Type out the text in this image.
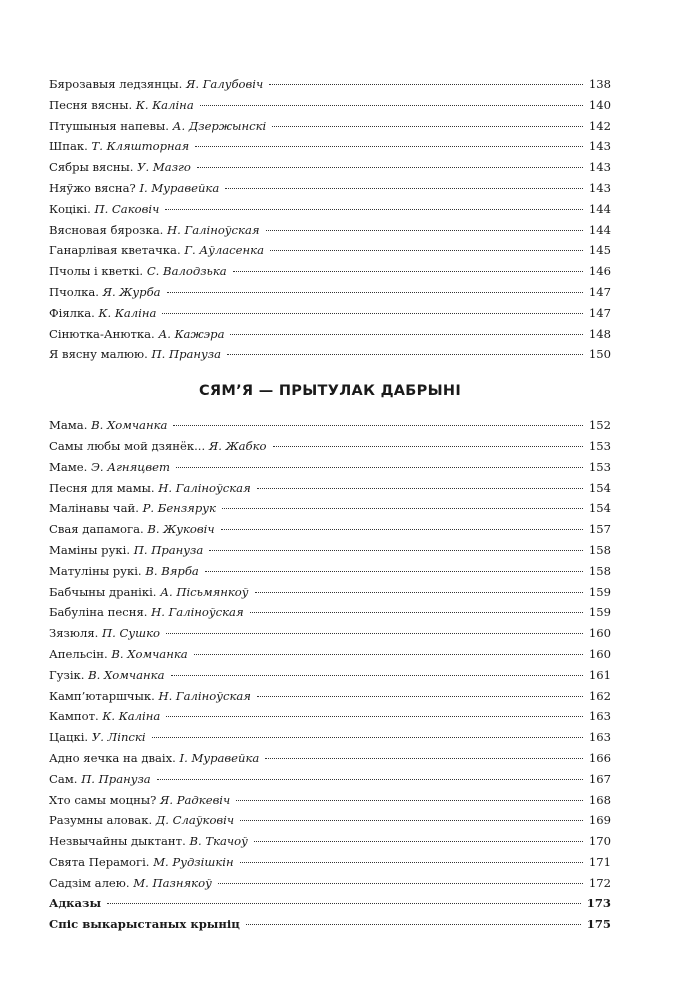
Бярозавыя ледзянцы. Я. Галубовіч	138
Песня вясны. К. Каліна	140
Птушыныя напевы. А. Дзержынскі	142
Шпак. Т. Кляшторная	143
Сябры вясны. У. Мазго	143
Няўжо вясна? І. Муравейка	143
Коцікі. П. Саковіч	144
Вясновая бярозка. Н. Галіноўская	144
Ганарлівая кветачка. Г. Аўласенка	145
Пчолы і кветкі. С. Валодзька	146
Пчолка. Я. Журба	147
Фіялка. К. Каліна	147
Сінютка-Анютка. А. Кажэра	148
Я вясну малюю. П. Прануза	150
СЯМ’Я — ПРЫТУЛАК ДАБРЫНІ
Мама. В. Хомчанка	152
Самы любы мой дзянёк... Я. Жабко	153
Маме. Э. Агняцвет	153
Песня для мамы. Н. Галіноўская	154
Малінавы чай. Р. Бензярук	154
Свая дапамога. В. Жуковіч	157
Маміны рукі. П. Прануза	158
Матуліны рукі. В. Вярба	158
Бабчыны дранікі. А. Пісьмянкоў	159
Бабуліна песня. Н. Галіноўская	159
Зязюля. П. Сушко	160
Апельсін. В. Хомчанка	160
Гузік. В. Хомчанка	161
Камп’ютаршчык. Н. Галіноўская	162
Кампот. К. Каліна	163
Цацкі. У. Ліпскі	163
Адно яечка на дваіх. І. Муравейка	166
Сам. П. Прануза	167
Хто самы моцны? Я. Радкевіч	168
Разумны аловак. Д. Слаўковіч	169
Незвычайны дыктант. В. Ткачоў	170
Свята Перамогі. М. Рудзішкін	171
Садзім алею. М. Пазнякоў	172
Адказы	173
Спіс выкарыстаных крыніц	175
